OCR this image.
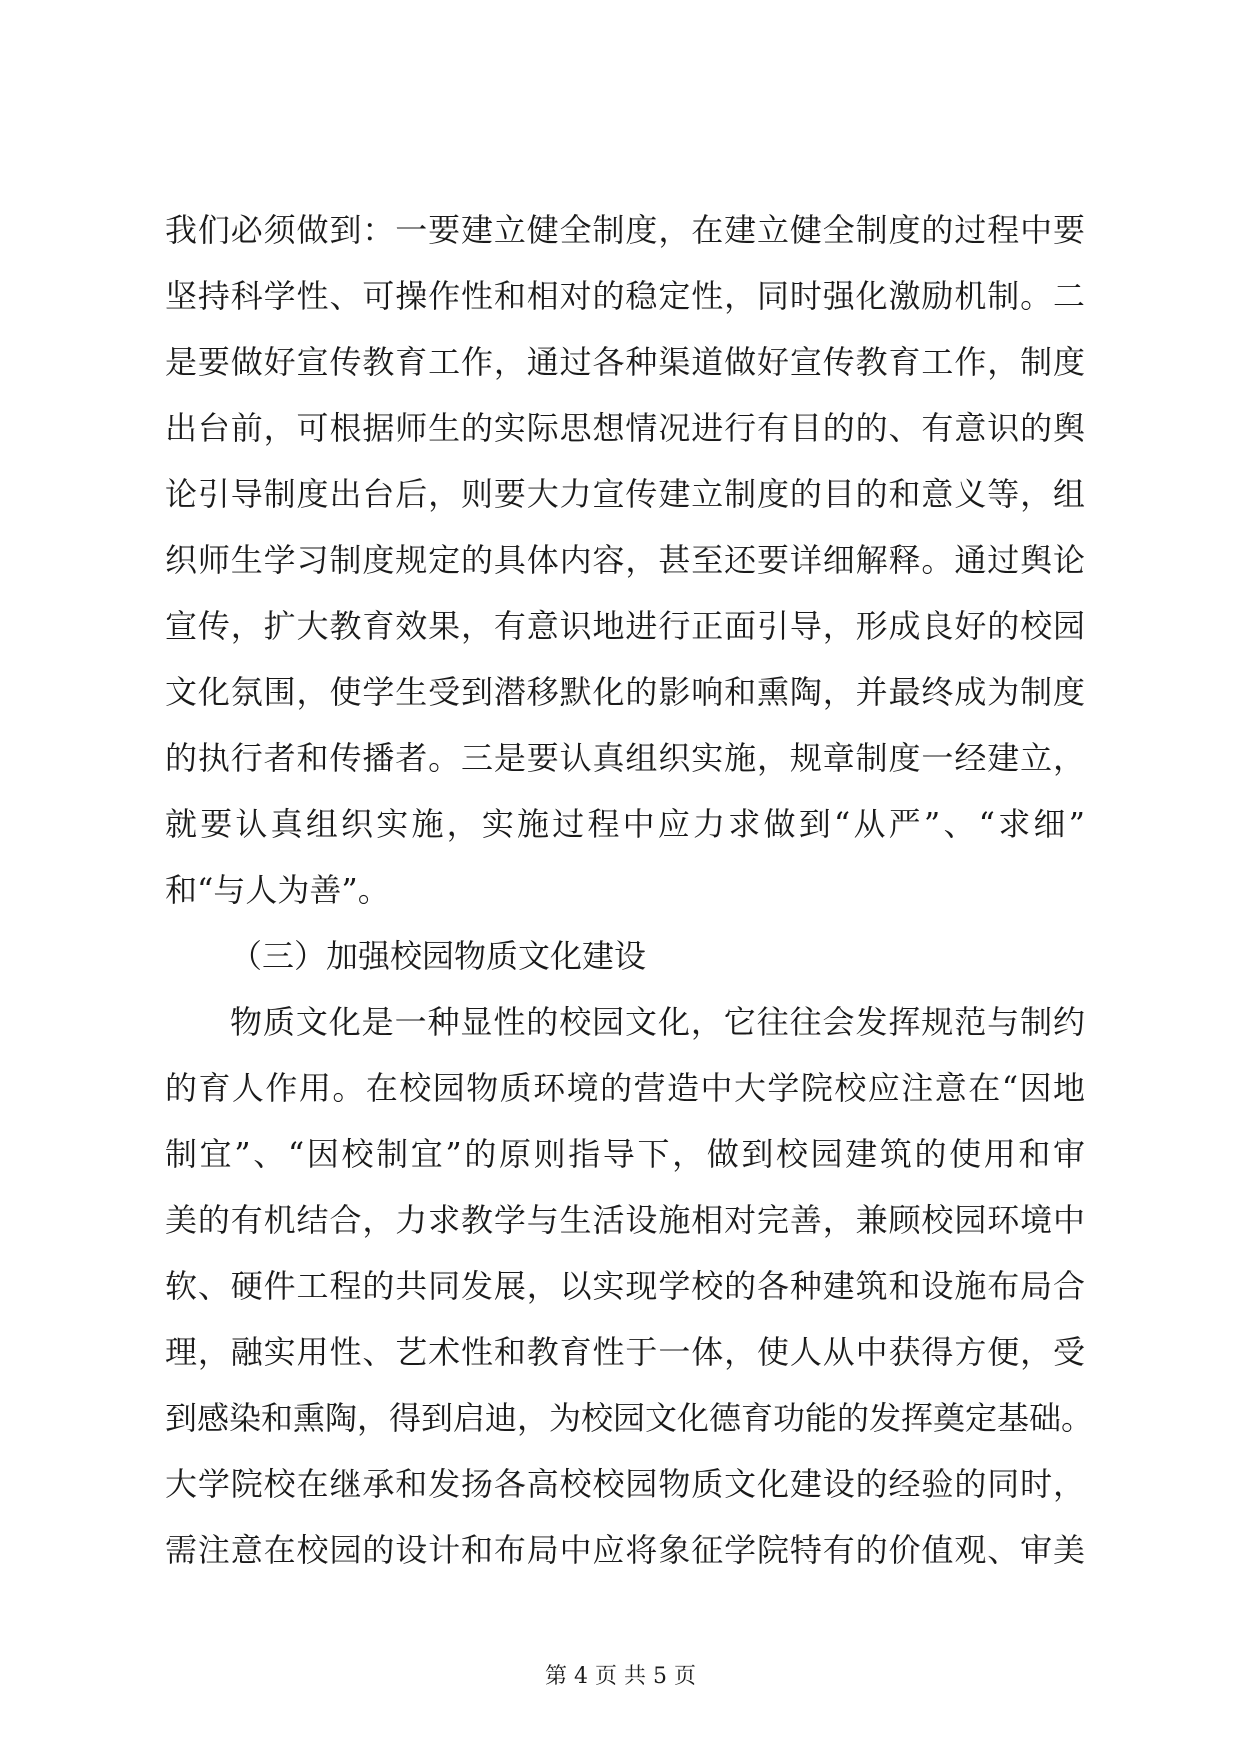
我们必须做到：一要建立健全制度，在建立健全制度的过程中要
坚持科学性、可操作性和相对的稳定性，同时强化激励机制。二
是要做好宣传教育工作，通过各种渠道做好宣传教育工作，制度
出台前，可根据师生的实际思想情况进行有目的的、有意识的舆
论引导制度出台后，则要大力宣传建立制度的目的和意义等，组
织师生学习制度规定的具体内容，甚至还要详细解释。通过舆论
宣传，扩大教育效果，有意识地进行正面引导，形成良好的校园
文化氛围，使学生受到潜移默化的影响和熏陶，并最终成为制度
的执行者和传播者。三是要认真组织实施，规章制度一经建立，
就要认真组织实施，实施过程中应力求做到“从严”、“求细”
和“与人为善”。
（三）加强校园物质文化建设
物质文化是一种显性的校园文化，它往往会发挥规范与制约
的育人作用。在校园物质环境的营造中大学院校应注意在“因地
制宜”、“因校制宜”的原则指导下，做到校园建筑的使用和审
美的有机结合，力求教学与生活设施相对完善，兼顾校园环境中
软、硬件工程的共同发展，以实现学校的各种建筑和设施布局合
理，融实用性、艺术性和教育性于一体，使人从中获得方便，受
到感染和熏陶，得到启迪，为校园文化德育功能的发挥奠定基础。
大学院校在继承和发扬各高校校园物质文化建设的经验的同时，
需注意在校园的设计和布局中应将象征学院特有的价值观、审美
第 4 页 共 5 页
